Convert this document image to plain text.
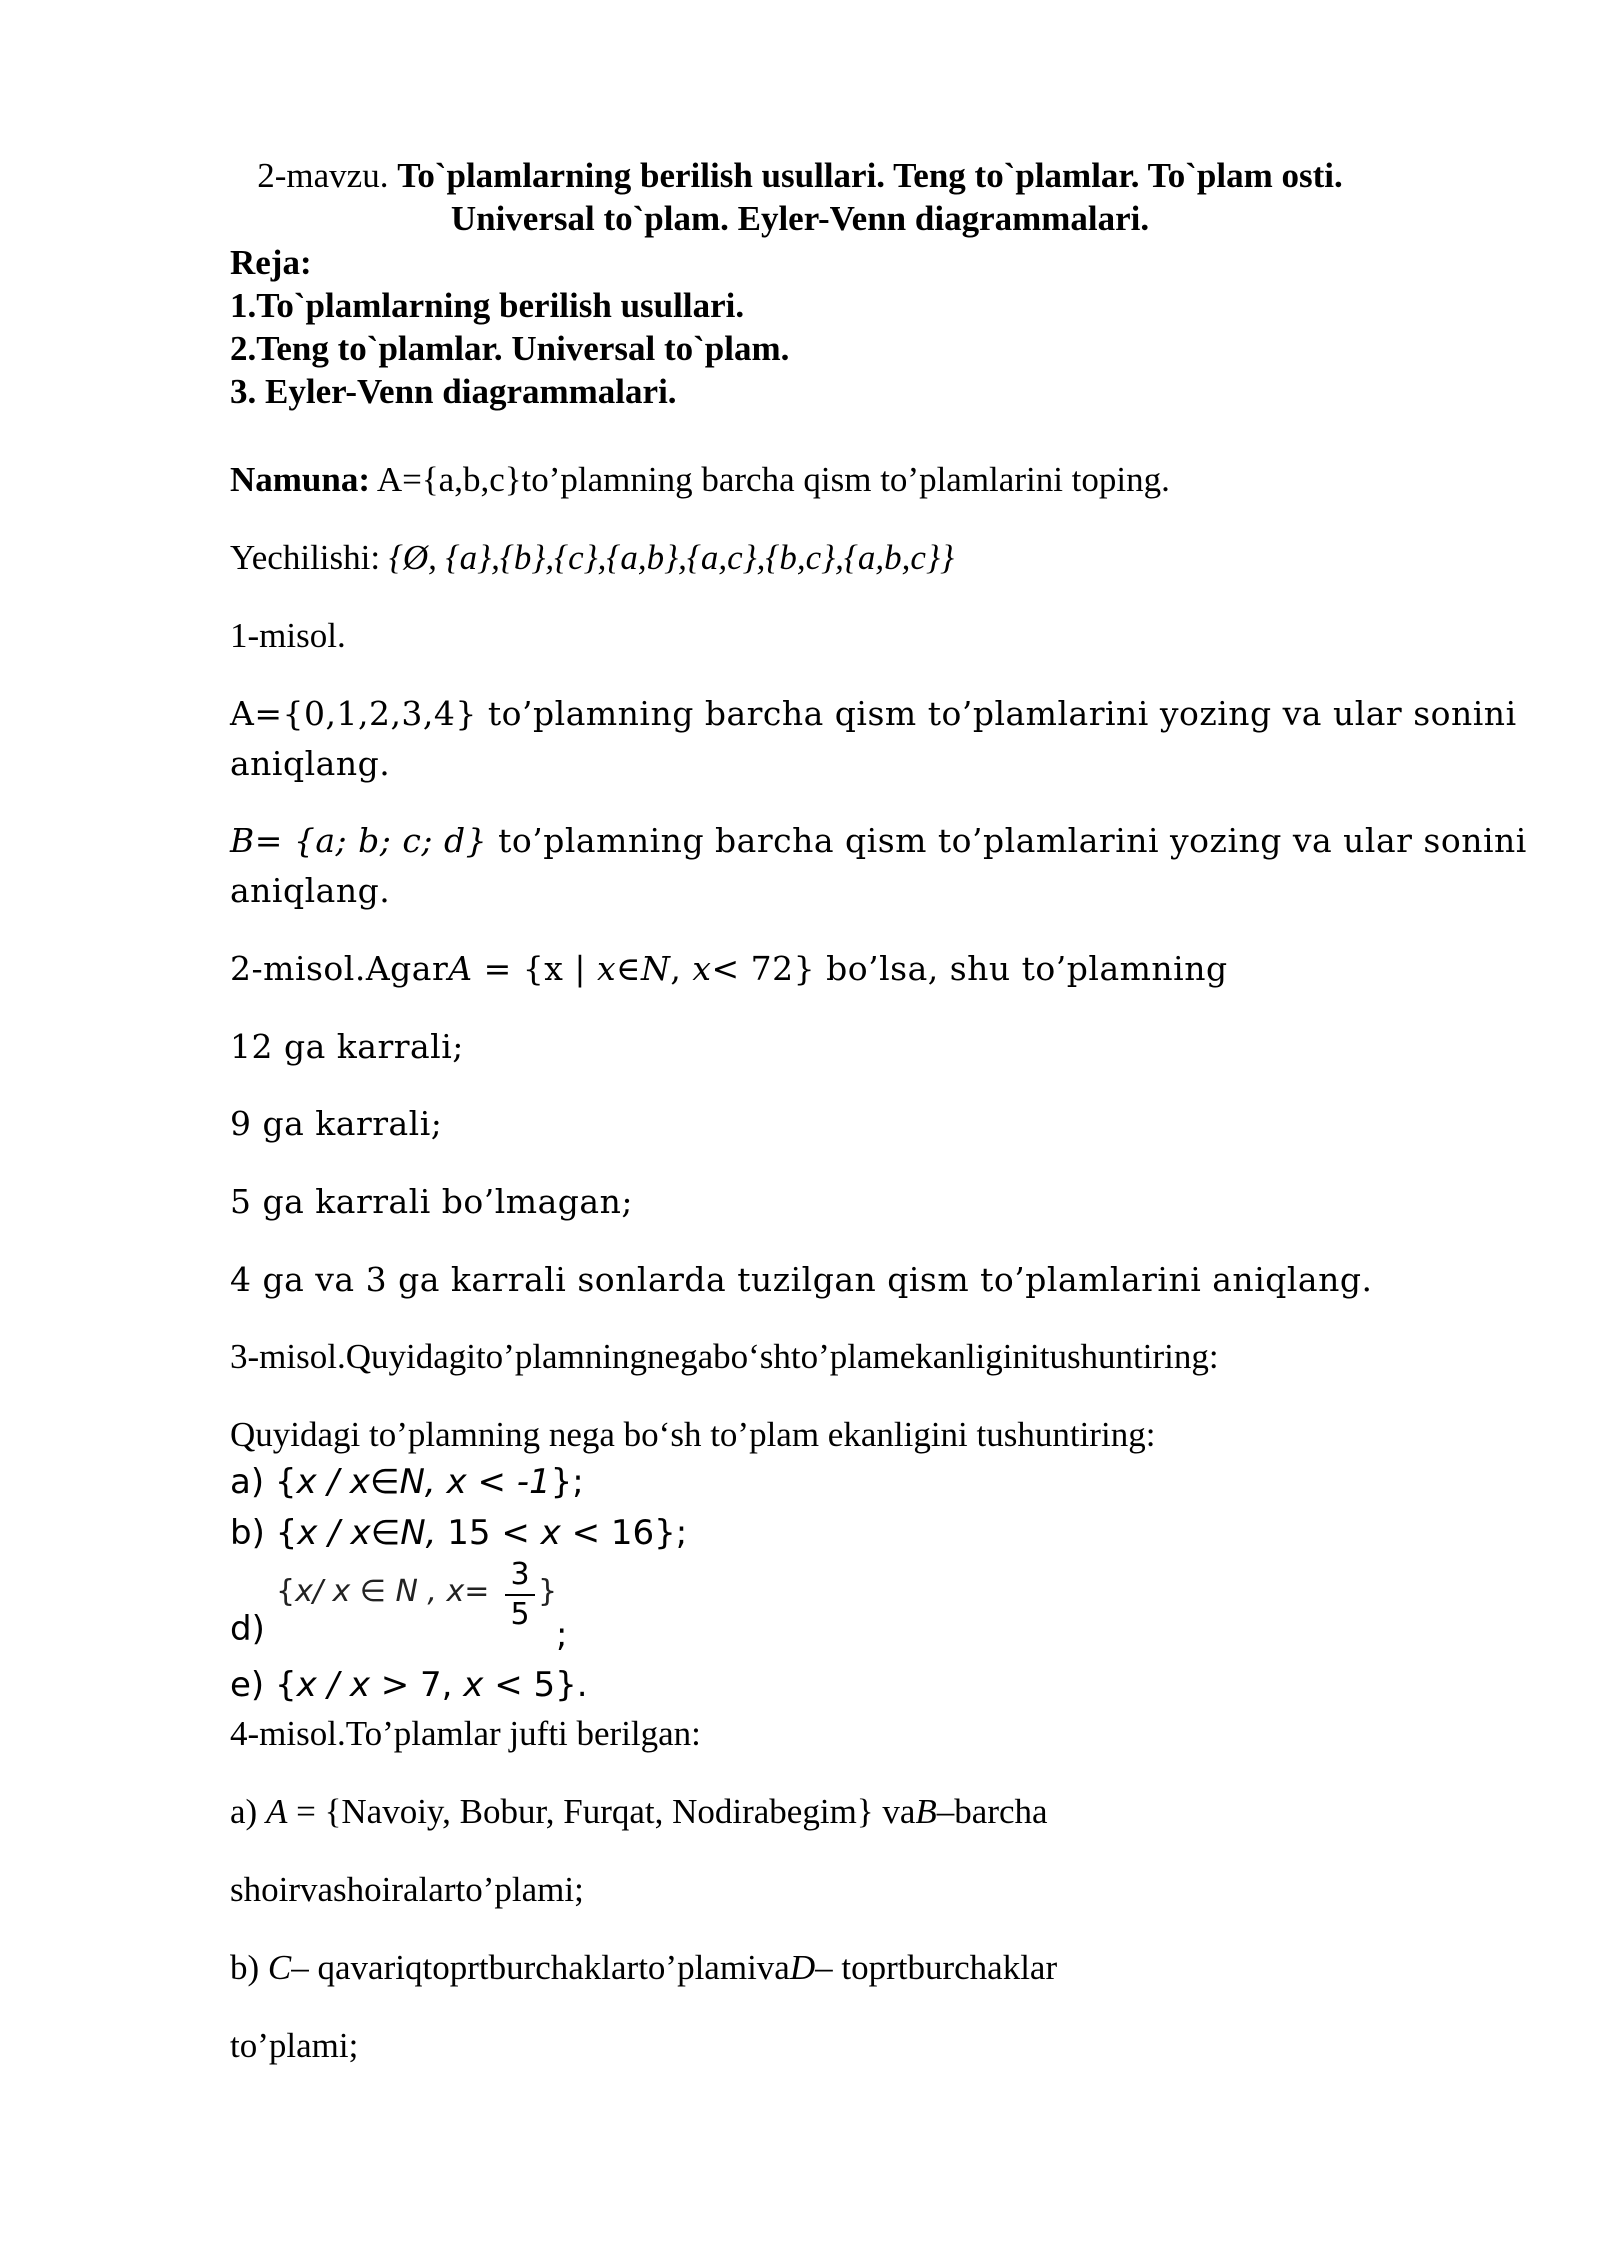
2-mavzu. To`plamlarning berilish usullari. Teng to`plamlar. To`plam osti.
Universal to`plam. Eyler-Venn diagrammalari.
Reja:
1.To`plamlarning berilish usullari.
2.Teng to`plamlar. Universal to`plam.
3. Eyler-Venn diagrammalari.
Namuna: A={a,b,c}to’plamning barcha qism to’plamlarini toping.
Yechilishi: {Ø, {a},{b},{c},{a,b},{a,c},{b,c},{a,b,c}}
1-misol.
A={0,1,2,3,4} to’plamning barcha qism to’plamlarini yozing va ular sonini
aniqlang.
B= {a; b; c; d} to’plamning barcha qism to’plamlarini yozing va ular sonini
aniqlang.
2-misol.AgarA = {x | x∈N, x< 72} bo’lsa, shu to’plamning
12 ga karrali;
9 ga karrali;
5 ga karrali bo’lmagan;
4 ga va 3 ga karrali sonlarda tuzilgan qism to’plamlarini aniqlang.
3-misol.Quyidagito’plamningnegabo‘shto’plamekanliginitushuntiring:
Quyidagi to’plamning nega bo‘sh to’plam ekanligini tushuntiring:
a) {x / x∈N, x < -1};
b) {x / x∈N, 15 < x < 16};
d)
{x/ x ∈ N , x= 3
5
}
;
e) {x / x > 7, x < 5}.
4-misol.To’plamlar jufti berilgan:
a) A = {Navoiy, Bobur, Furqat, Nodirabegim} vaB–barcha
shoirvashoiralarto’plami;
b) C– qavariqtoprtburchaklarto’plamivaD– toprtburchaklar
to’plami;
